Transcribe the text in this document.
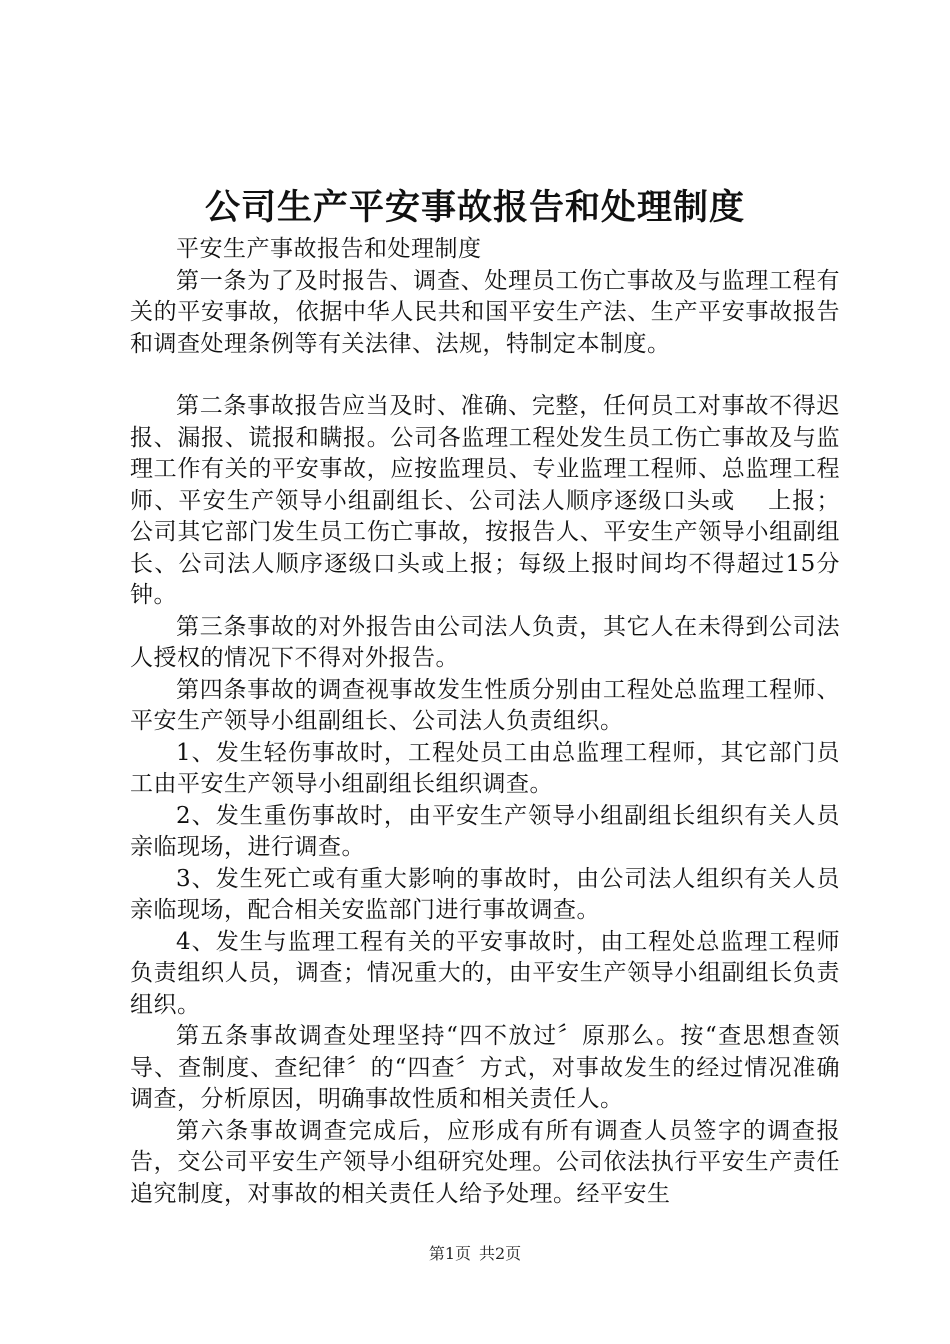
公司生产平安事故报告和处理制度

平安生产事故报告和处理制度

第一条为了及时报告、调查、处理员工伤亡事故及与监理工程有关的平安事故，依据中华人民共和国平安生产法、生产平安事故报告和调查处理条例等有关法律、法规，特制定本制度。

第二条事故报告应当及时、准确、完整，任何员工对事故不得迟报、漏报、谎报和瞒报。公司各监理工程处发生员工伤亡事故及与监理工作有关的平安事故，应按监理员、专业监理工程师、总监理工程师、平安生产领导小组副组长、公司法人顺序逐级口头或　 上报；公司其它部门发生员工伤亡事故，按报告人、平安生产领导小组副组长、公司法人顺序逐级口头或上报；每级上报时间均不得超过15分钟。

第三条事故的对外报告由公司法人负责，其它人在未得到公司法人授权的情况下不得对外报告。

第四条事故的调查视事故发生性质分别由工程处总监理工程师、平安生产领导小组副组长、公司法人负责组织。

1、发生轻伤事故时，工程处员工由总监理工程师，其它部门员工由平安生产领导小组副组长组织调查。

2、发生重伤事故时，由平安生产领导小组副组长组织有关人员亲临现场，进行调查。

3、发生死亡或有重大影响的事故时，由公司法人组织有关人员亲临现场，配合相关安监部门进行事故调查。

4、发生与监理工程有关的平安事故时，由工程处总监理工程师负责组织人员，调查；情况重大的，由平安生产领导小组副组长负责组织。

第五条事故调查处理坚持“四不放过〞原那么。按“查思想查领导、查制度、查纪律〞的“四查〞方式，对事故发生的经过情况准确调查，分析原因，明确事故性质和相关责任人。

第六条事故调查完成后，应形成有所有调查人员签字的调查报告，交公司平安生产领导小组研究处理。公司依法执行平安生产责任追究制度，对事故的相关责任人给予处理。经平安生

第1页 共2页
